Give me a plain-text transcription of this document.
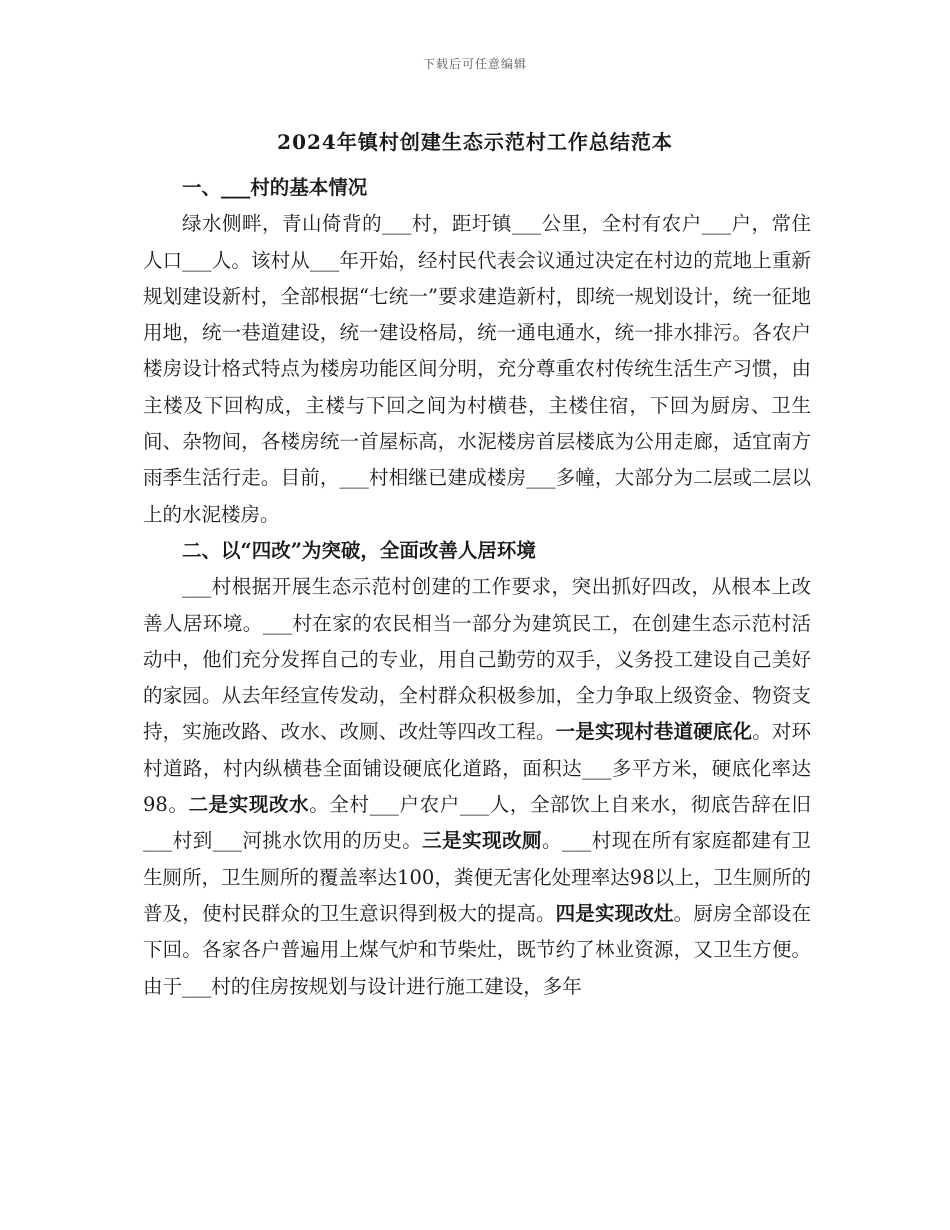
下载后可任意编辑
2024年镇村创建生态示范村工作总结范本
一、___村的基本情况

绿水侧畔，青山倚背的___村，距圩镇___公里，全村有农户___户，常住人口___人。该村从___年开始，经村民代表会议通过决定在村边的荒地上重新规划建设新村，全部根据“七统一”要求建造新村，即统一规划设计，统一征地用地，统一巷道建设，统一建设格局，统一通电通水，统一排水排污。各农户楼房设计格式特点为楼房功能区间分明，充分尊重农村传统生活生产习惯，由主楼及下回构成，主楼与下回之间为村横巷，主楼住宿，下回为厨房、卫生间、杂物间，各楼房统一首屋标高，水泥楼房首层楼底为公用走廊，适宜南方雨季生活行走。目前，___村相继已建成楼房___多幢，大部分为二层或二层以上的水泥楼房。

二、以“四改”为突破，全面改善人居环境

___村根据开展生态示范村创建的工作要求，突出抓好四改，从根本上改善人居环境。___村在家的农民相当一部分为建筑民工，在创建生态示范村活动中，他们充分发挥自己的专业，用自己勤劳的双手，义务投工建设自己美好的家园。从去年经宣传发动，全村群众积极参加，全力争取上级资金、物资支持，实施改路、改水、改厕、改灶等四改工程。一是实现村巷道硬底化。对环村道路，村内纵横巷全面铺设硬底化道路，面积达___多平方米，硬底化率达98。二是实现改水。全村___户农户___人，全部饮上自来水，彻底告辞在旧___村到___河挑水饮用的历史。三是实现改厕。___村现在所有家庭都建有卫生厕所，卫生厕所的覆盖率达100，粪便无害化处理率达98以上，卫生厕所的普及，使村民群众的卫生意识得到极大的提高。四是实现改灶。厨房全部设在下回。各家各户普遍用上煤气炉和节柴灶，既节约了林业资源，又卫生方便。由于___村的住房按规划与设计进行施工建设，多年
